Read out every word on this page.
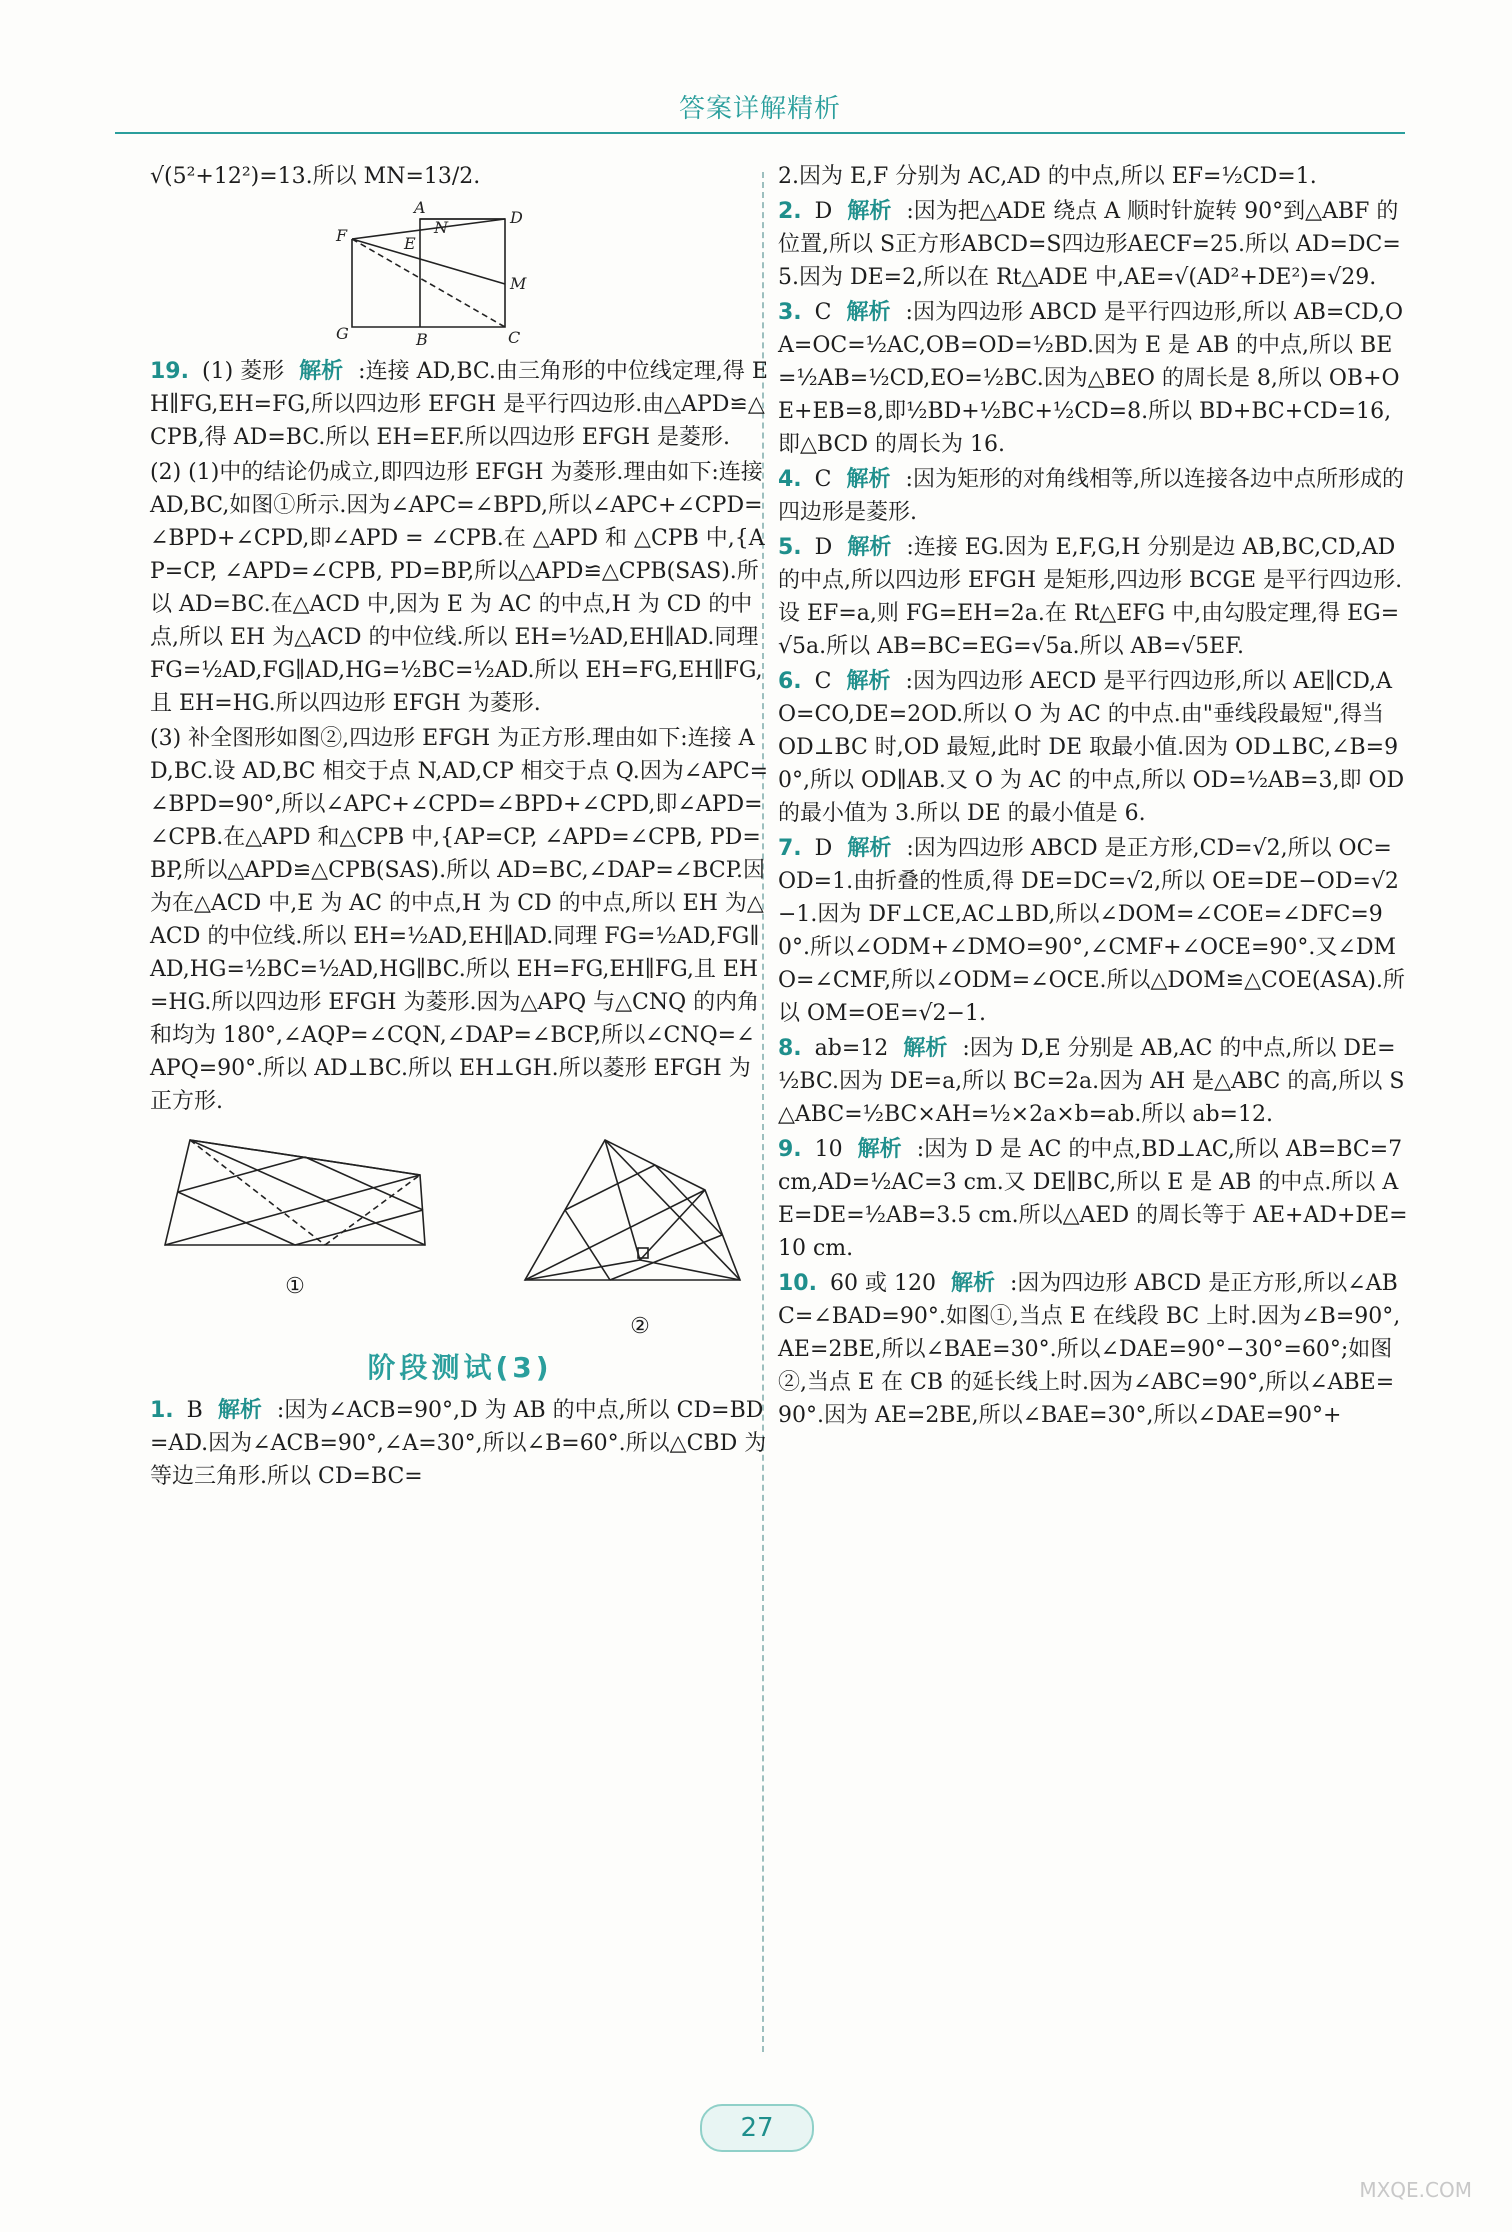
答案详解精析

√(5²+12²)=13.所以 MN=13/2.

A
D
F	N
E
M
G	B	C

19. (1) 菱形 解析 :连接 AD,BC.由三角形的中位线定理,得 EH∥FG,EH=FG,所以四边形 EFGH 是平行四边形.由△APD≌△CPB,得 AD=BC.所以 EH=EF.所以四边形 EFGH 是菱形.

(2) (1)中的结论仍成立,即四边形 EFGH 为菱形.理由如下:连接 AD,BC,如图①所示.因为∠APC=∠BPD,所以∠APC+∠CPD=∠BPD+∠CPD,即∠APD = ∠CPB.在 △APD 和 △CPB 中,{AP=CP, ∠APD=∠CPB, PD=BP,所以△APD≌△CPB(SAS).所以 AD=BC.在△ACD 中,因为 E 为 AC 的中点,H 为 CD 的中点,所以 EH 为△ACD 的中位线.所以 EH=½AD,EH∥AD.同理 FG=½AD,FG∥AD,HG=½BC=½AD.所以 EH=FG,EH∥FG,且 EH=HG.所以四边形 EFGH 为菱形.

(3) 补全图形如图②,四边形 EFGH 为正方形.理由如下:连接 AD,BC.设 AD,BC 相交于点 N,AD,CP 相交于点 Q.因为∠APC=∠BPD=90°,所以∠APC+∠CPD=∠BPD+∠CPD,即∠APD=∠CPB.在△APD 和△CPB 中,{AP=CP, ∠APD=∠CPB, PD=BP,所以△APD≌△CPB(SAS).所以 AD=BC,∠DAP=∠BCP.因为在△ACD 中,E 为 AC 的中点,H 为 CD 的中点,所以 EH 为△ACD 的中位线.所以 EH=½AD,EH∥AD.同理 FG=½AD,FG∥AD,HG=½BC=½AD,HG∥BC.所以 EH=FG,EH∥FG,且 EH=HG.所以四边形 EFGH 为菱形.因为△APQ 与△CNQ 的内角和均为 180°,∠AQP=∠CQN,∠DAP=∠BCP,所以∠CNQ=∠APQ=90°.所以 AD⊥BC.所以 EH⊥GH.所以菱形 EFGH 为正方形.

①
②
阶段测试(3)

1. B 解析 :因为∠ACB=90°,D 为 AB 的中点,所以 CD=BD=AD.因为∠ACB=90°,∠A=30°,所以∠B=60°.所以△CBD 为等边三角形.所以 CD=BC=

2.因为 E,F 分别为 AC,AD 的中点,所以 EF=½CD=1.

2. D 解析 :因为把△ADE 绕点 A 顺时针旋转 90°到△ABF 的位置,所以 S正方形ABCD=S四边形AECF=25.所以 AD=DC=5.因为 DE=2,所以在 Rt△ADE 中,AE=√(AD²+DE²)=√29.

3. C 解析 :因为四边形 ABCD 是平行四边形,所以 AB=CD,OA=OC=½AC,OB=OD=½BD.因为 E 是 AB 的中点,所以 BE=½AB=½CD,EO=½BC.因为△BEO 的周长是 8,所以 OB+OE+EB=8,即½BD+½BC+½CD=8.所以 BD+BC+CD=16,即△BCD 的周长为 16.

4. C 解析 :因为矩形的对角线相等,所以连接各边中点所形成的四边形是菱形.

5. D 解析 :连接 EG.因为 E,F,G,H 分别是边 AB,BC,CD,AD 的中点,所以四边形 EFGH 是矩形,四边形 BCGE 是平行四边形.设 EF=a,则 FG=EH=2a.在 Rt△EFG 中,由勾股定理,得 EG=√5a.所以 AB=BC=EG=√5a.所以 AB=√5EF.

6. C 解析 :因为四边形 AECD 是平行四边形,所以 AE∥CD,AO=CO,DE=2OD.所以 O 为 AC 的中点.由"垂线段最短",得当 OD⊥BC 时,OD 最短,此时 DE 取最小值.因为 OD⊥BC,∠B=90°,所以 OD∥AB.又 O 为 AC 的中点,所以 OD=½AB=3,即 OD 的最小值为 3.所以 DE 的最小值是 6.

7. D 解析 :因为四边形 ABCD 是正方形,CD=√2,所以 OC=OD=1.由折叠的性质,得 DE=DC=√2,所以 OE=DE−OD=√2−1.因为 DF⊥CE,AC⊥BD,所以∠DOM=∠COE=∠DFC=90°.所以∠ODM+∠DMO=90°,∠CMF+∠OCE=90°.又∠DMO=∠CMF,所以∠ODM=∠OCE.所以△DOM≌△COE(ASA).所以 OM=OE=√2−1.

8. ab=12 解析 :因为 D,E 分别是 AB,AC 的中点,所以 DE=½BC.因为 DE=a,所以 BC=2a.因为 AH 是△ABC 的高,所以 S△ABC=½BC×AH=½×2a×b=ab.所以 ab=12.

9. 10 解析 :因为 D 是 AC 的中点,BD⊥AC,所以 AB=BC=7 cm,AD=½AC=3 cm.又 DE∥BC,所以 E 是 AB 的中点.所以 AE=DE=½AB=3.5 cm.所以△AED 的周长等于 AE+AD+DE=10 cm.

10. 60 或 120 解析 :因为四边形 ABCD 是正方形,所以∠ABC=∠BAD=90°.如图①,当点 E 在线段 BC 上时.因为∠B=90°,AE=2BE,所以∠BAE=30°.所以∠DAE=90°−30°=60°;如图②,当点 E 在 CB 的延长线上时.因为∠ABC=90°,所以∠ABE=90°.因为 AE=2BE,所以∠BAE=30°,所以∠DAE=90°+

27
MXQE.COM
